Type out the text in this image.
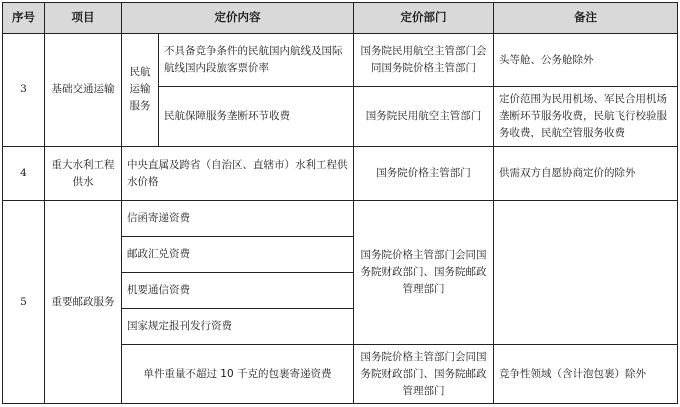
序号	项目	定价内容		定价部门	备注
3	基础交通运输	民航运输服务	不具备竞争条件的民航国内航线及国际航线国内段旅客票价率	国务院民用航空主管部门会同国务院价格主管部门	头等舱、公务舱除外
			民航保障服务垄断环节收费	国务院民用航空主管部门	定价范围为民用机场、军民合用机场垄断环节服务收费，民航飞行校验服务收费，民航空管服务收费
4	重大水利工程供水	中央直属及跨省（自治区、直辖市）水利工程供水价格		国务院价格主管部门	供需双方自愿协商定价的除外
5	重要邮政服务	信函寄递资费		国务院价格主管部门会同国务院财政部门、国务院邮政管理部门	
		邮政汇兑资费			
		机要通信资费			
		国家规定报刊发行资费			
		单件重量不超过 10 千克的包裹寄递资费		国务院价格主管部门会同国务院财政部门、国务院邮政管理部门	竞争性领域（含计泡包裹）除外
